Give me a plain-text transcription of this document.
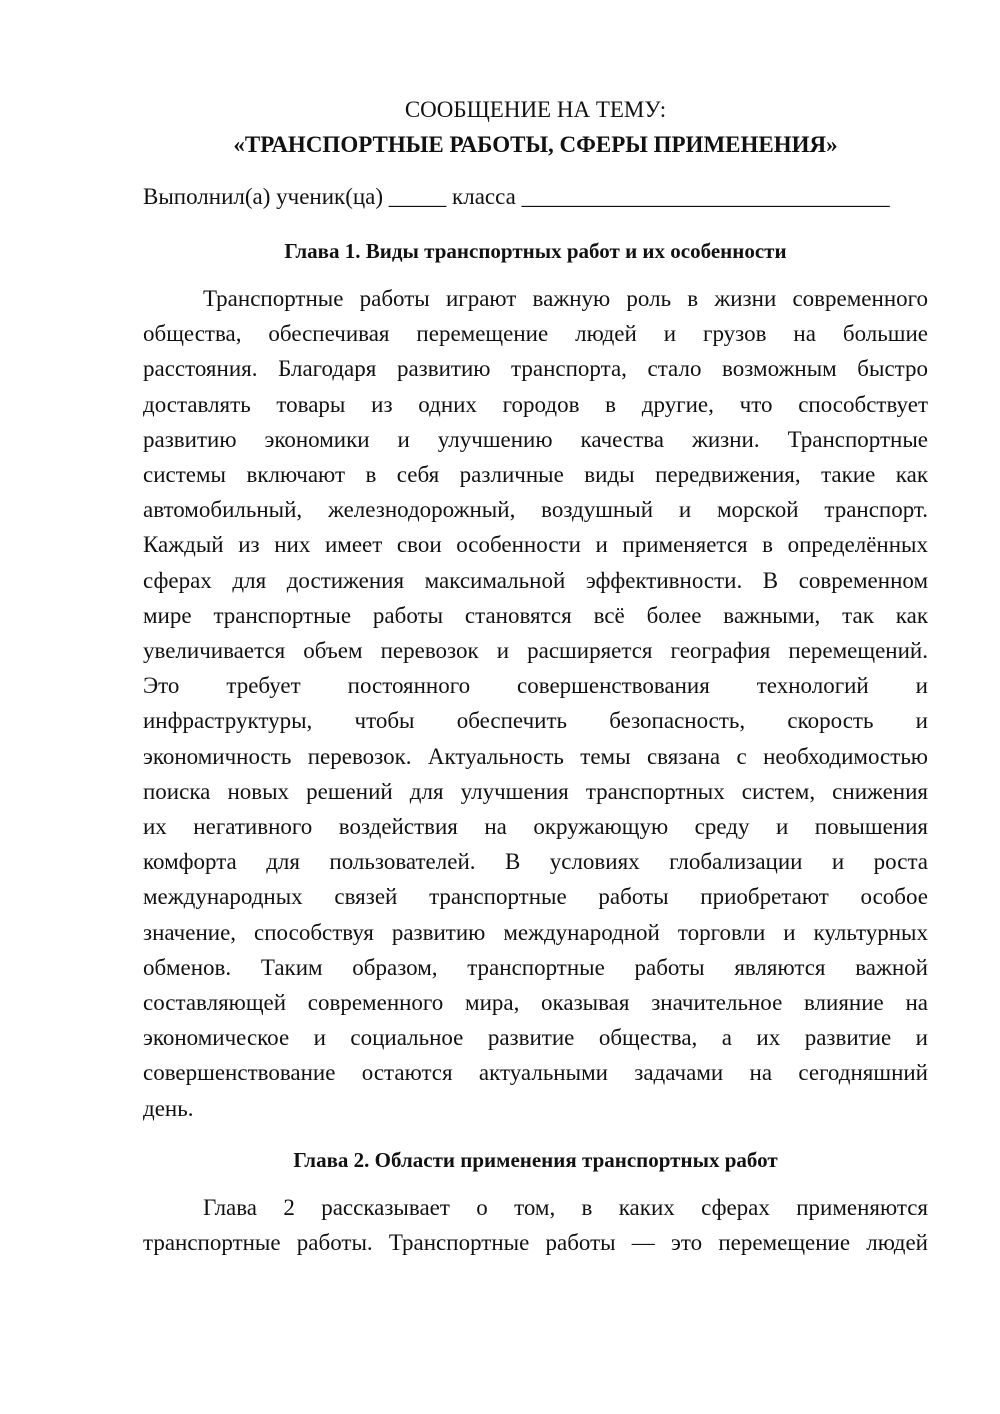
СООБЩЕНИЕ НА ТЕМУ:

«ТРАНСПОРТНЫЕ РАБОТЫ, СФЕРЫ ПРИМЕНЕНИЯ»

Выполнил(а) ученик(ца) _____ класса ________________________________
Глава 1. Виды транспортных работ и их особенности
Транспортные работы играют важную роль в жизни современного
общества, обеспечивая перемещение людей и грузов на большие
расстояния. Благодаря развитию транспорта, стало возможным быстро
доставлять товары из одних городов в другие, что способствует
развитию экономики и улучшению качества жизни. Транспортные
системы включают в себя различные виды передвижения, такие как
автомобильный, железнодорожный, воздушный и морской транспорт.
Каждый из них имеет свои особенности и применяется в определённых
сферах для достижения максимальной эффективности. В современном
мире транспортные работы становятся всё более важными, так как
увеличивается объем перевозок и расширяется география перемещений.
Это требует постоянного совершенствования технологий и
инфраструктуры, чтобы обеспечить безопасность, скорость и
экономичность перевозок. Актуальность темы связана с необходимостью
поиска новых решений для улучшения транспортных систем, снижения
их негативного воздействия на окружающую среду и повышения
комфорта для пользователей. В условиях глобализации и роста
международных связей транспортные работы приобретают особое
значение, способствуя развитию международной торговли и культурных
обменов. Таким образом, транспортные работы являются важной
составляющей современного мира, оказывая значительное влияние на
экономическое и социальное развитие общества, а их развитие и
совершенствование остаются актуальными задачами на сегодняшний
день.
Глава 2. Области применения транспортных работ
Глава 2 рассказывает о том, в каких сферах применяются
транспортные работы. Транспортные работы — это перемещение людей
